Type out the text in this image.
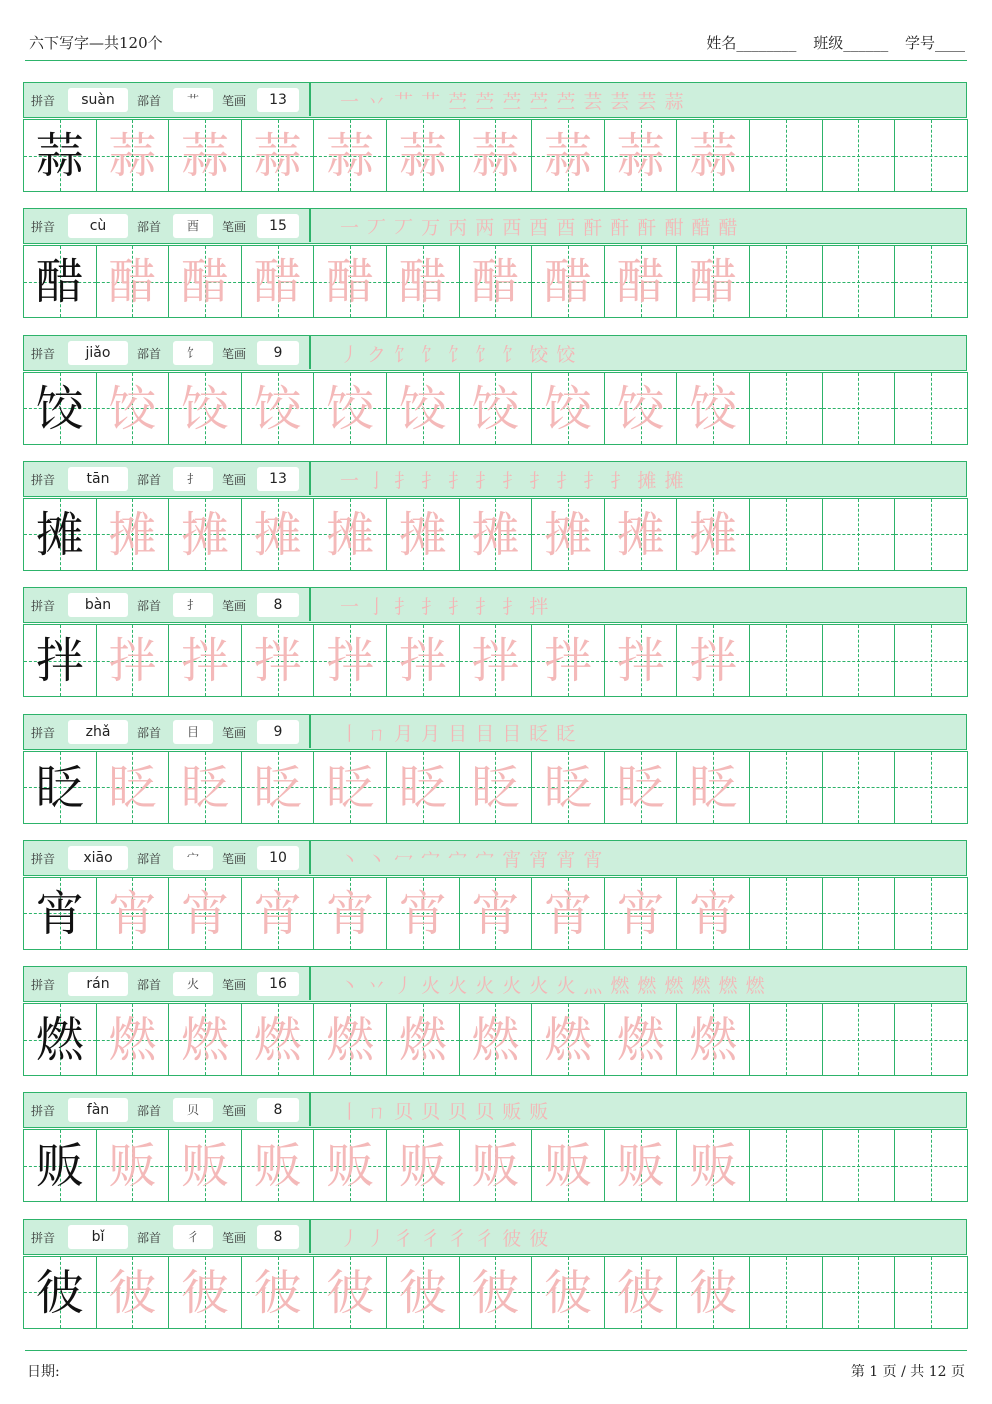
六下写字—共120个	姓名________ 班级______ 学号____
拼音	suàn	部首	艹	笔画	13	一 丷 艹 艹 苎 苎 苎 苎 苎 芸 芸 芸 蒜
蒜 蒜 蒜 蒜 蒜 蒜 蒜 蒜 蒜 蒜
拼音	cù	部首	酉	笔画	15	一 丆 丆 万 丙 两 西 酉 酉 酐 酐 酐 酣 醋 醋
醋 醋 醋 醋 醋 醋 醋 醋 醋 醋
拼音	jiǎo	部首	饣	笔画	9	丿 ク 饣 饣 饣 饣 饣 饺 饺
饺 饺 饺 饺 饺 饺 饺 饺 饺 饺
拼音	tān	部首	扌	笔画	13	一 亅 扌 扌 扌 扌 扌 扌 扌 扌 扌 摊 摊
摊 摊 摊 摊 摊 摊 摊 摊 摊 摊
拼音	bàn	部首	扌	笔画	8	一 亅 扌 扌 扌 扌 扌 拌
拌 拌 拌 拌 拌 拌 拌 拌 拌 拌
拼音	zhǎ	部首	目	笔画	9	丨 ㄇ 月 月 目 目 目 眨 眨
眨 眨 眨 眨 眨 眨 眨 眨 眨 眨
拼音	xiāo	部首	宀	笔画	10	丶 丶 冖 宀 宀 宀 宵 宵 宵 宵
宵 宵 宵 宵 宵 宵 宵 宵 宵 宵
拼音	rán	部首	火	笔画	16	丶 丷 丿 火 火 火 火 火 火 灬 燃 燃 燃 燃 燃 燃
燃 燃 燃 燃 燃 燃 燃 燃 燃 燃
拼音	fàn	部首	贝	笔画	8	丨 ㄇ 贝 贝 贝 贝 贩 贩
贩 贩 贩 贩 贩 贩 贩 贩 贩 贩
拼音	bǐ	部首	彳	笔画	8	丿 丿 彳 彳 彳 彳 彼 彼
彼 彼 彼 彼 彼 彼 彼 彼 彼 彼
日期:	第 1 页 / 共 12 页
